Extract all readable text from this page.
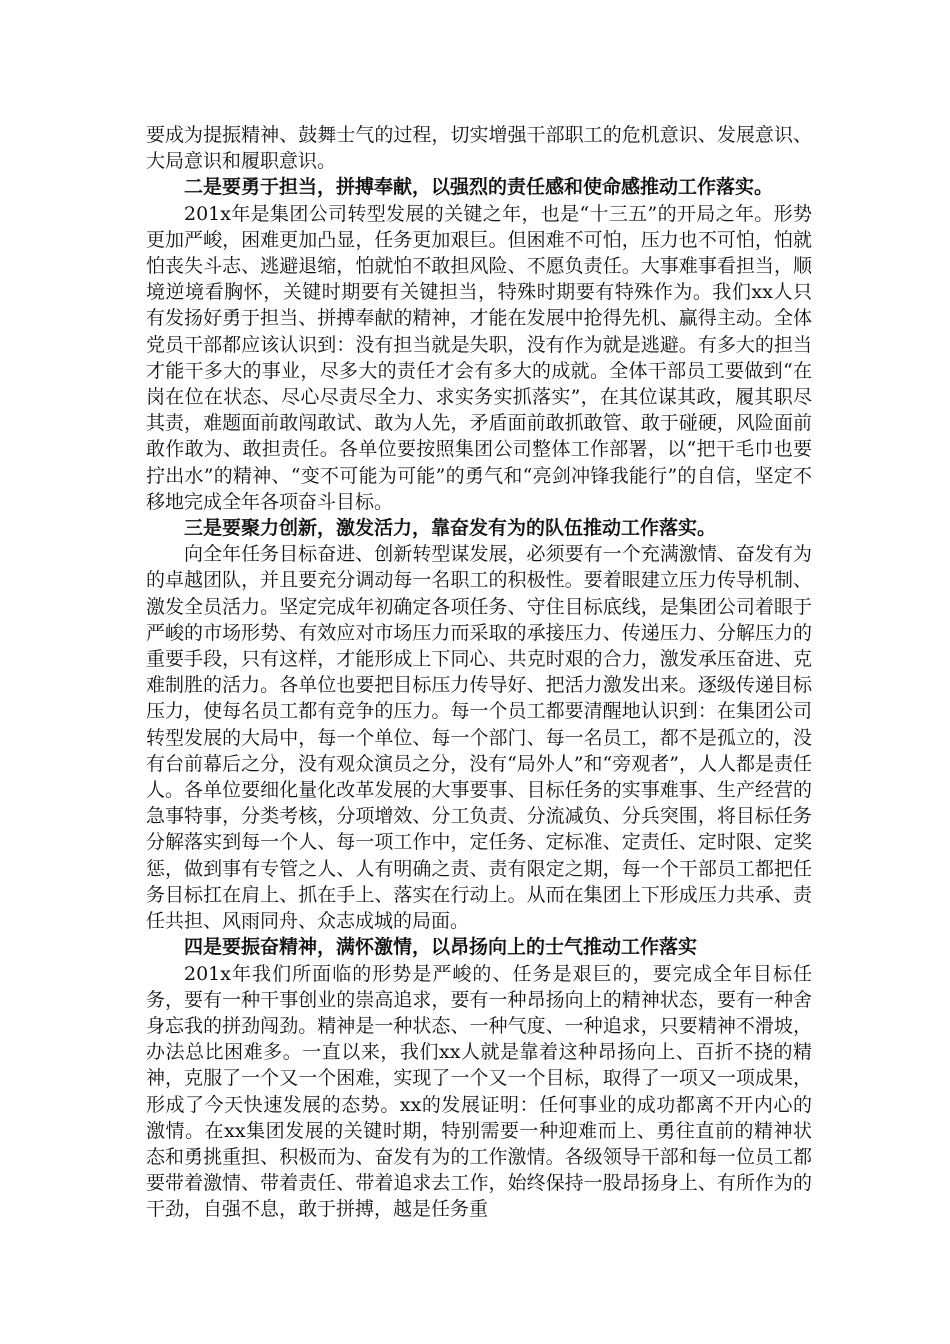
要成为提振精神、鼓舞士气的过程，切实增强干部职工的危机意识、发展意识、大局意识和履职意识。

二是要勇于担当，拼搏奉献，以强烈的责任感和使命感推动工作落实。

201x年是集团公司转型发展的关键之年，也是“十三五”的开局之年。形势更加严峻，困难更加凸显，任务更加艰巨。但困难不可怕，压力也不可怕，怕就怕丧失斗志、逃避退缩，怕就怕不敢担风险、不愿负责任。大事难事看担当，顺境逆境看胸怀，关键时期要有关键担当，特殊时期要有特殊作为。我们xx人只有发扬好勇于担当、拼搏奉献的精神，才能在发展中抢得先机、赢得主动。全体党员干部都应该认识到：没有担当就是失职，没有作为就是逃避。有多大的担当才能干多大的事业，尽多大的责任才会有多大的成就。全体干部员工要做到“在岗在位在状态、尽心尽责尽全力、求实务实抓落实”，在其位谋其政，履其职尽其责，难题面前敢闯敢试、敢为人先，矛盾面前敢抓敢管、敢于碰硬，风险面前敢作敢为、敢担责任。各单位要按照集团公司整体工作部署，以“把干毛巾也要拧出水”的精神、“变不可能为可能”的勇气和“亮剑冲锋我能行”的自信，坚定不移地完成全年各项奋斗目标。

三是要聚力创新，激发活力，靠奋发有为的队伍推动工作落实。

向全年任务目标奋进、创新转型谋发展，必须要有一个充满激情、奋发有为的卓越团队，并且要充分调动每一名职工的积极性。要着眼建立压力传导机制、激发全员活力。坚定完成年初确定各项任务、守住目标底线，是集团公司着眼于严峻的市场形势、有效应对市场压力而采取的承接压力、传递压力、分解压力的重要手段，只有这样，才能形成上下同心、共克时艰的合力，激发承压奋进、克难制胜的活力。各单位也要把目标压力传导好、把活力激发出来。逐级传递目标压力，使每名员工都有竞争的压力。每一个员工都要清醒地认识到：在集团公司转型发展的大局中，每一个单位、每一个部门、每一名员工，都不是孤立的，没有台前幕后之分，没有观众演员之分，没有“局外人”和“旁观者”，人人都是责任人。各单位要细化量化改革发展的大事要事、目标任务的实事难事、生产经营的急事特事，分类考核，分项增效、分工负责、分流减负、分兵突围，将目标任务分解落实到每一个人、每一项工作中，定任务、定标准、定责任、定时限、定奖惩，做到事有专管之人、人有明确之责、责有限定之期，每一个干部员工都把任务目标扛在肩上、抓在手上、落实在行动上。从而在集团上下形成压力共承、责任共担、风雨同舟、众志成城的局面。

四是要振奋精神，满怀激情，以昂扬向上的士气推动工作落实

201x年我们所面临的形势是严峻的、任务是艰巨的，要完成全年目标任务，要有一种干事创业的崇高追求，要有一种昂扬向上的精神状态，要有一种舍身忘我的拼劲闯劲。精神是一种状态、一种气度、一种追求，只要精神不滑坡，办法总比困难多。一直以来，我们xx人就是靠着这种昂扬向上、百折不挠的精神，克服了一个又一个困难，实现了一个又一个目标，取得了一项又一项成果，形成了今天快速发展的态势。xx的发展证明：任何事业的成功都离不开内心的激情。在xx集团发展的关键时期，特别需要一种迎难而上、勇往直前的精神状态和勇挑重担、积极而为、奋发有为的工作激情。各级领导干部和每一位员工都要带着激情、带着责任、带着追求去工作，始终保持一股昂扬身上、有所作为的干劲，自强不息，敢于拼搏，越是任务重
